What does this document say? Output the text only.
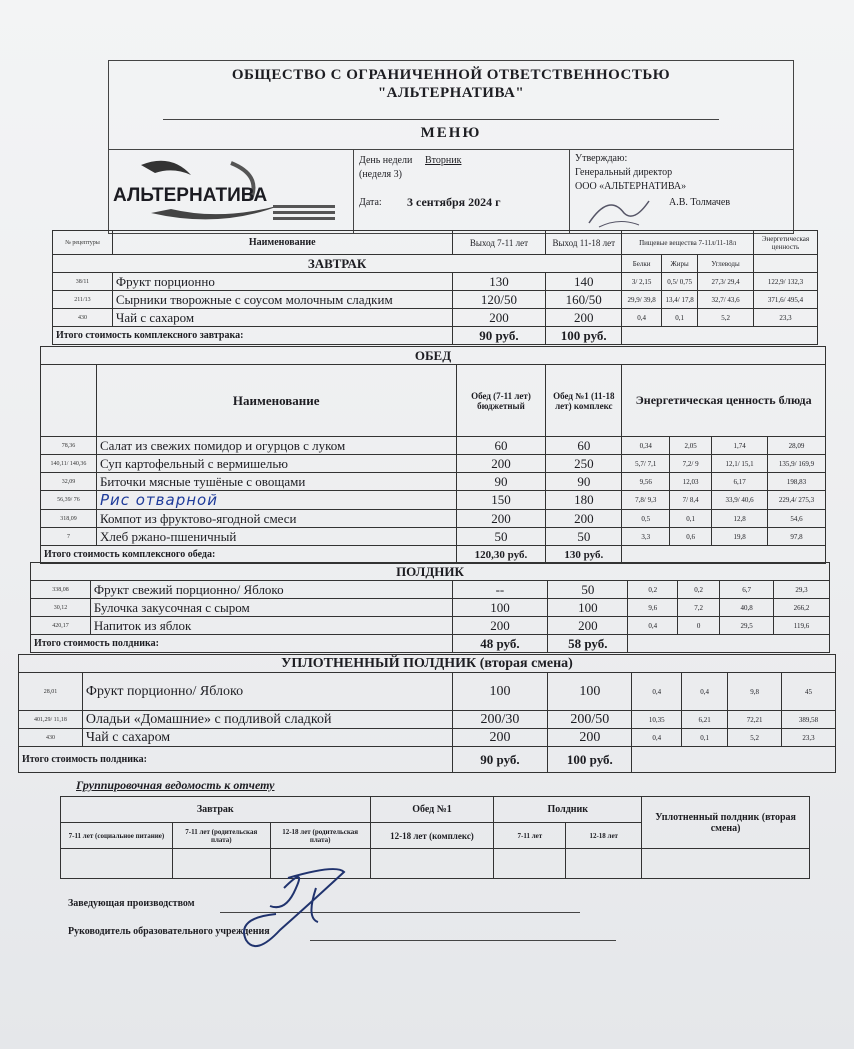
ОБЩЕСТВО С ОГРАНИЧЕННОЙ ОТВЕТСТВЕННОСТЬЮ
"АЛЬТЕРНАТИВА"
МЕНЮ
АЛЬТЕРНАТИВА
День недели Вторник
(неделя 3)
Дата: 3 сентября 2024 г
Утверждаю:
Генеральный директор
ООО «АЛЬТЕРНАТИВА»
А.В. Толмачев
№ рецептуры	Наименование	Выход 7-11 лет	Выход 11-18 лет	Пищевые вещества 7-11л/11-18л			Энергетическая ценность
ЗАВТРАК				Белки	Жиры	Углеводы	
38/11	Фрукт порционно	130	140	3/ 2,15	0,5/ 0,75	27,3/ 29,4	122,9/ 132,3
211/13	Сырники творожные с соусом молочным сладким	120/50	160/50	29,9/ 39,8	13,4/ 17,8	32,7/ 43,6	371,6/ 495,4
430	Чай с сахаром	200	200	0,4	0,1	5,2	23,3
Итого стоимость комплексного завтрака:		90 руб.	100 руб.				
ОБЕД							
	Наименование	Обед (7-11 лет) бюджетный	Обед №1 (11-18 лет) комплекс	Энергетическая ценность блюда			
78,36	Салат из свежих помидор и огурцов с луком	60	60	0,34	2,05	1,74	28,09
140,11/ 140,36	Суп картофельный с вермишелью	200	250	5,7/ 7,1	7,2/ 9	12,1/ 15,1	135,9/ 169,9
32,09	Биточки мясные тушёные с овощами	90	90	9,56	12,03	6,17	198,83
56,39/ 76	Рис отварной	150	180	7,8/ 9,3	7/ 8,4	33,9/ 40,6	229,4/ 275,3
318,09	Компот из фруктово-ягодной смеси	200	200	0,5	0,1	12,8	54,6
7	Хлеб ржано-пшеничный	50	50	3,3	0,6	19,8	97,8
Итого стоимость комплексного обеда:		120,30 руб.	130 руб.				
ПОЛДНИК							
338,08	Фрукт свежий порционно/ Яблоко	--	50	0,2	0,2	6,7	29,3
30,12	Булочка закусочная с сыром	100	100	9,6	7,2	40,8	266,2
420,17	Напиток из яблок	200	200	0,4	0	29,5	119,6
Итого стоимость полдника:		48 руб.	58 руб.				
УПЛОТНЕННЫЙ ПОЛДНИК (вторая смена)							
28,01	Фрукт порционно/ Яблоко	100	100	0,4	0,4	9,8	45
401,29/ 11,18	Оладьи «Домашние» с подливой сладкой	200/30	200/50	10,35	6,21	72,21	389,58
430	Чай с сахаром	200	200	0,4	0,1	5,2	23,3
Итого стоимость полдника:		90 руб.	100 руб.				
Группировочная ведомость к отчету
Завтрак			Обед №1	Полдник		Уплотненный полдник (вторая смена)
7-11 лет (социальное питание)	7-11 лет (родительская плата)	12-18 лет (родительская плата)	12-18 лет (комплекс)	7-11 лет	12-18 лет	

Заведующая производством
Руководитель образовательного учреждения
